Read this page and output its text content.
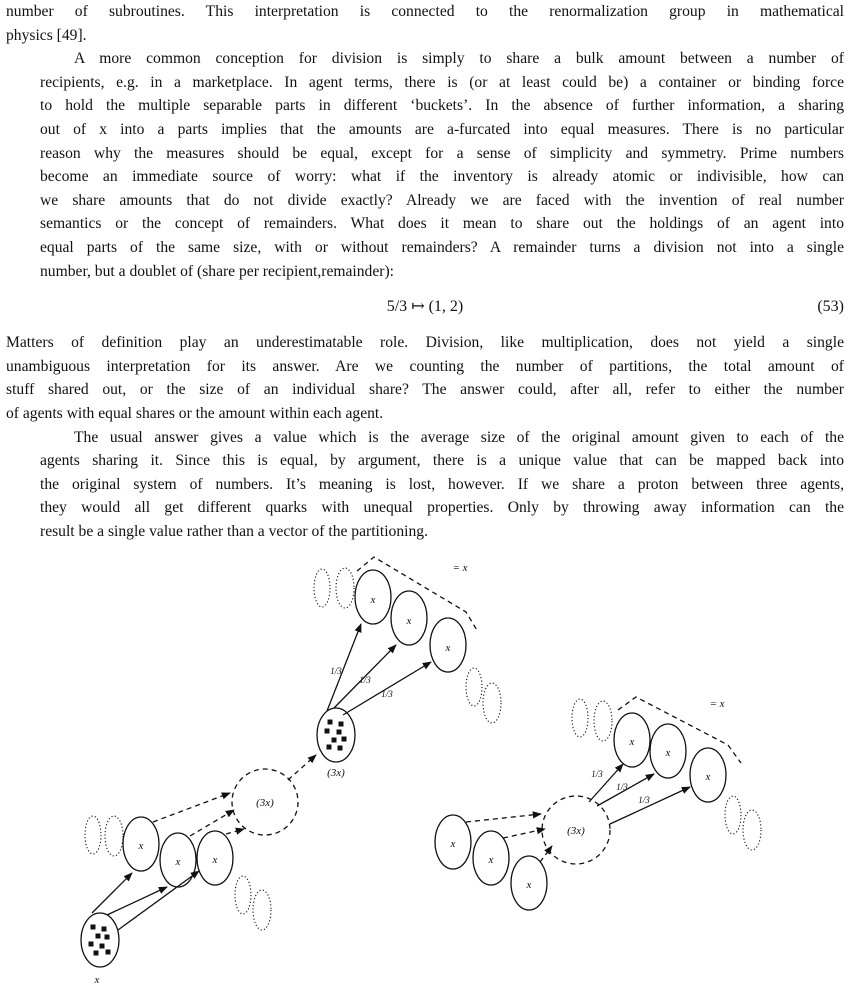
number of subroutines. This interpretation is connected to the renormalization group in mathematical
physics [49].
A more common conception for division is simply to share a bulk amount between a number of
recipients, e.g. in a marketplace. In agent terms, there is (or at least could be) a container or binding force
to hold the multiple separable parts in different ‘buckets’. In the absence of further information, a sharing
out of x into a parts implies that the amounts are a-furcated into equal measures. There is no particular
reason why the measures should be equal, except for a sense of simplicity and symmetry. Prime numbers
become an immediate source of worry: what if the inventory is already atomic or indivisible, how can
we share amounts that do not divide exactly? Already we are faced with the invention of real number
semantics or the concept of remainders. What does it mean to share out the holdings of an agent into
equal parts of the same size, with or without remainders? A remainder turns a division not into a single
number, but a doublet of (share per recipient,remainder):
5/3 ↦ (1, 2)	(53)
Matters of definition play an underestimatable role. Division, like multiplication, does not yield a single
unambiguous interpretation for its answer. Are we counting the number of partitions, the total amount of
stuff shared out, or the size of an individual share? The answer could, after all, refer to either the number
of agents with equal shares or the amount within each agent.
The usual answer gives a value which is the average size of the original amount given to each of the
agents sharing it. Since this is equal, by argument, there is a unique value that can be mapped back into
the original system of numbers. It’s meaning is lost, however. If we share a proton between three agents,
they would all get different quarks with unequal properties. Only by throwing away information can the
result be a single value rather than a vector of the partitioning.
x
x
x	x
(3x)
(3x)
x
x
x
1/3
1/3
1/3
= x
x
x
x
(3x)
x
x
x
1/3
1/3
1/3
= x
